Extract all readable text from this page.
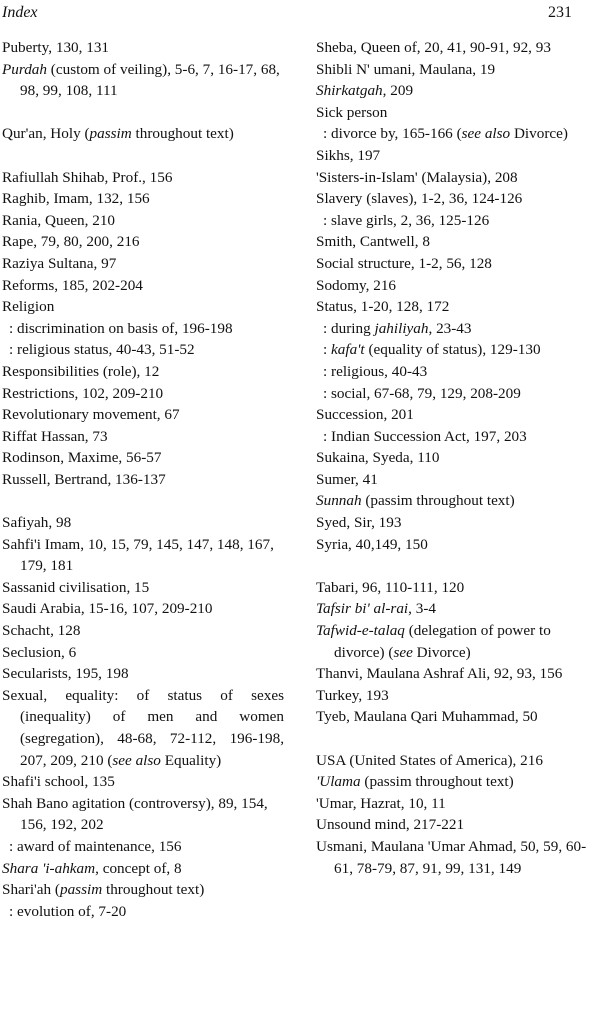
Index	231
Puberty, 130, 131
Purdah (custom of veiling), 5-6, 7, 16-17, 68, 98, 99, 108, 111
Qur'an, Holy (passim throughout text)
Rafiullah Shihab, Prof., 156
Raghib, Imam, 132, 156
Rania, Queen, 210
Rape, 79, 80, 200, 216
Raziya Sultana, 97
Reforms, 185, 202-204
Religion
: discrimination on basis of, 196-198
: religious status, 40-43, 51-52
Responsibilities (role), 12
Restrictions, 102, 209-210
Revolutionary movement, 67
Riffat Hassan, 73
Rodinson, Maxime, 56-57
Russell, Bertrand, 136-137
Safiyah, 98
Sahfi'i Imam, 10, 15, 79, 145, 147, 148, 167, 179, 181
Sassanid civilisation, 15
Saudi Arabia, 15-16, 107, 209-210
Schacht, 128
Seclusion, 6
Secularists, 195, 198
Sexual, equality: of status of sexes (inequality) of men and women (segregation), 48-68, 72-112, 196-198, 207, 209, 210 (see also Equality)
Shafi'i school, 135
Shah Bano agitation (controversy), 89, 154, 156, 192, 202
: award of maintenance, 156
Shara 'i-ahkam, concept of, 8
Shari'ah (passim throughout text)
: evolution of, 7-20
Sheba, Queen of, 20, 41, 90-91, 92, 93
Shibli N' umani, Maulana, 19
Shirkatgah, 209
Sick person
: divorce by, 165-166 (see also Divorce)
Sikhs, 197
'Sisters-in-Islam' (Malaysia), 208
Slavery (slaves), 1-2, 36, 124-126
: slave girls, 2, 36, 125-126
Smith, Cantwell, 8
Social structure, 1-2, 56, 128
Sodomy, 216
Status, 1-20, 128, 172
: during jahiliyah, 23-43
: kafa't (equality of status), 129-130
: religious, 40-43
: social, 67-68, 79, 129, 208-209
Succession, 201
: Indian Succession Act, 197, 203
Sukaina, Syeda, 110
Sumer, 41
Sunnah (passim throughout text)
Syed, Sir, 193
Syria, 40,149, 150
Tabari, 96, 110-111, 120
Tafsir bi' al-rai, 3-4
Tafwid-e-talaq (delegation of power to divorce) (see Divorce)
Thanvi, Maulana Ashraf Ali, 92, 93, 156
Turkey, 193
Tyeb, Maulana Qari Muhammad, 50
USA (United States of America), 216
'Ulama (passim throughout text)
'Umar, Hazrat, 10, 11
Unsound mind, 217-221
Usmani, Maulana 'Umar Ahmad, 50, 59, 60-61, 78-79, 87, 91, 99, 131, 149
